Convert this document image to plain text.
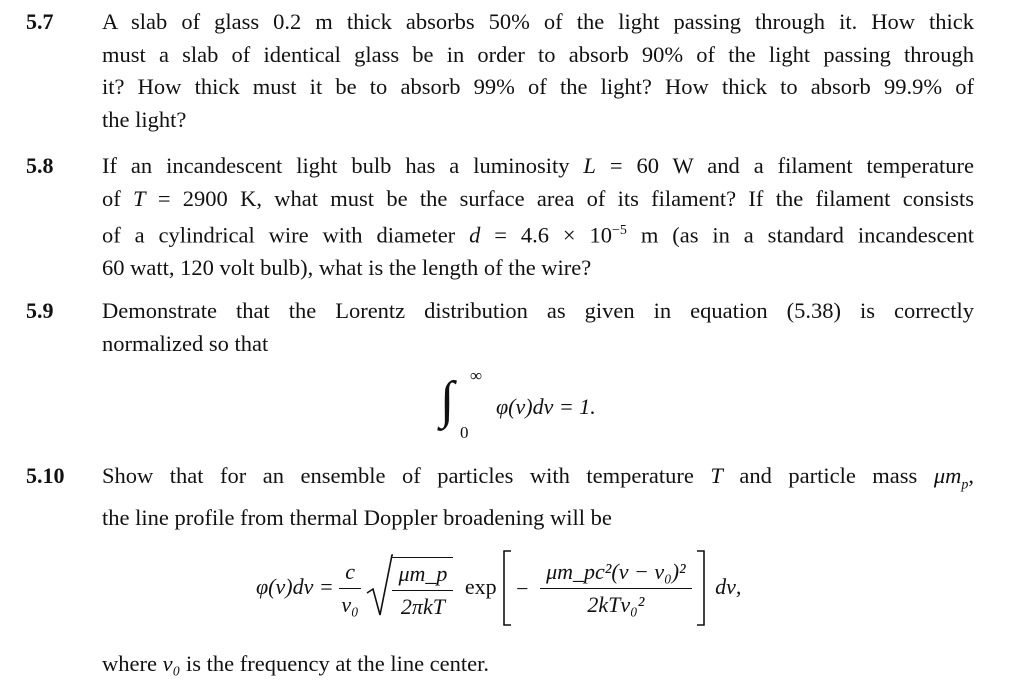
5.7 A slab of glass 0.2 m thick absorbs 50% of the light passing through it. How thick
must a slab of identical glass be in order to absorb 90% of the light passing through
it? How thick must it be to absorb 99% of the light? How thick to absorb 99.9% of
the light?
5.8 If an incandescent light bulb has a luminosity L = 60 W and a filament temperature
of T = 2900 K, what must be the surface area of its filament? If the filament consists
of a cylindrical wire with diameter $d = 4.6 \times 10^{-5}$ m (as in a standard incandescent
60 watt, 120 volt bulb), what is the length of the wire?
5.9 Demonstrate that the Lorentz distribution as given in equation (5.38) is correctly
normalized so that
∫ ∞
0
φ(ν)dν = 1.
5.10 Show that for an ensemble of particles with temperature T and particle mass $\mu m_p$,
the line profile from thermal Doppler broadening will be
$\varphi(\nu)d\nu = \frac{c}{\text{ν₀}}$
$\frac{\mu m\_p}{\text{2πkT}}$ $\exp - \frac{\text{μm\_pc²(ν − ν₀)²}}{\text{2kTν₀²}} d\nu$,
where ν₀ is the frequency at the line center.
